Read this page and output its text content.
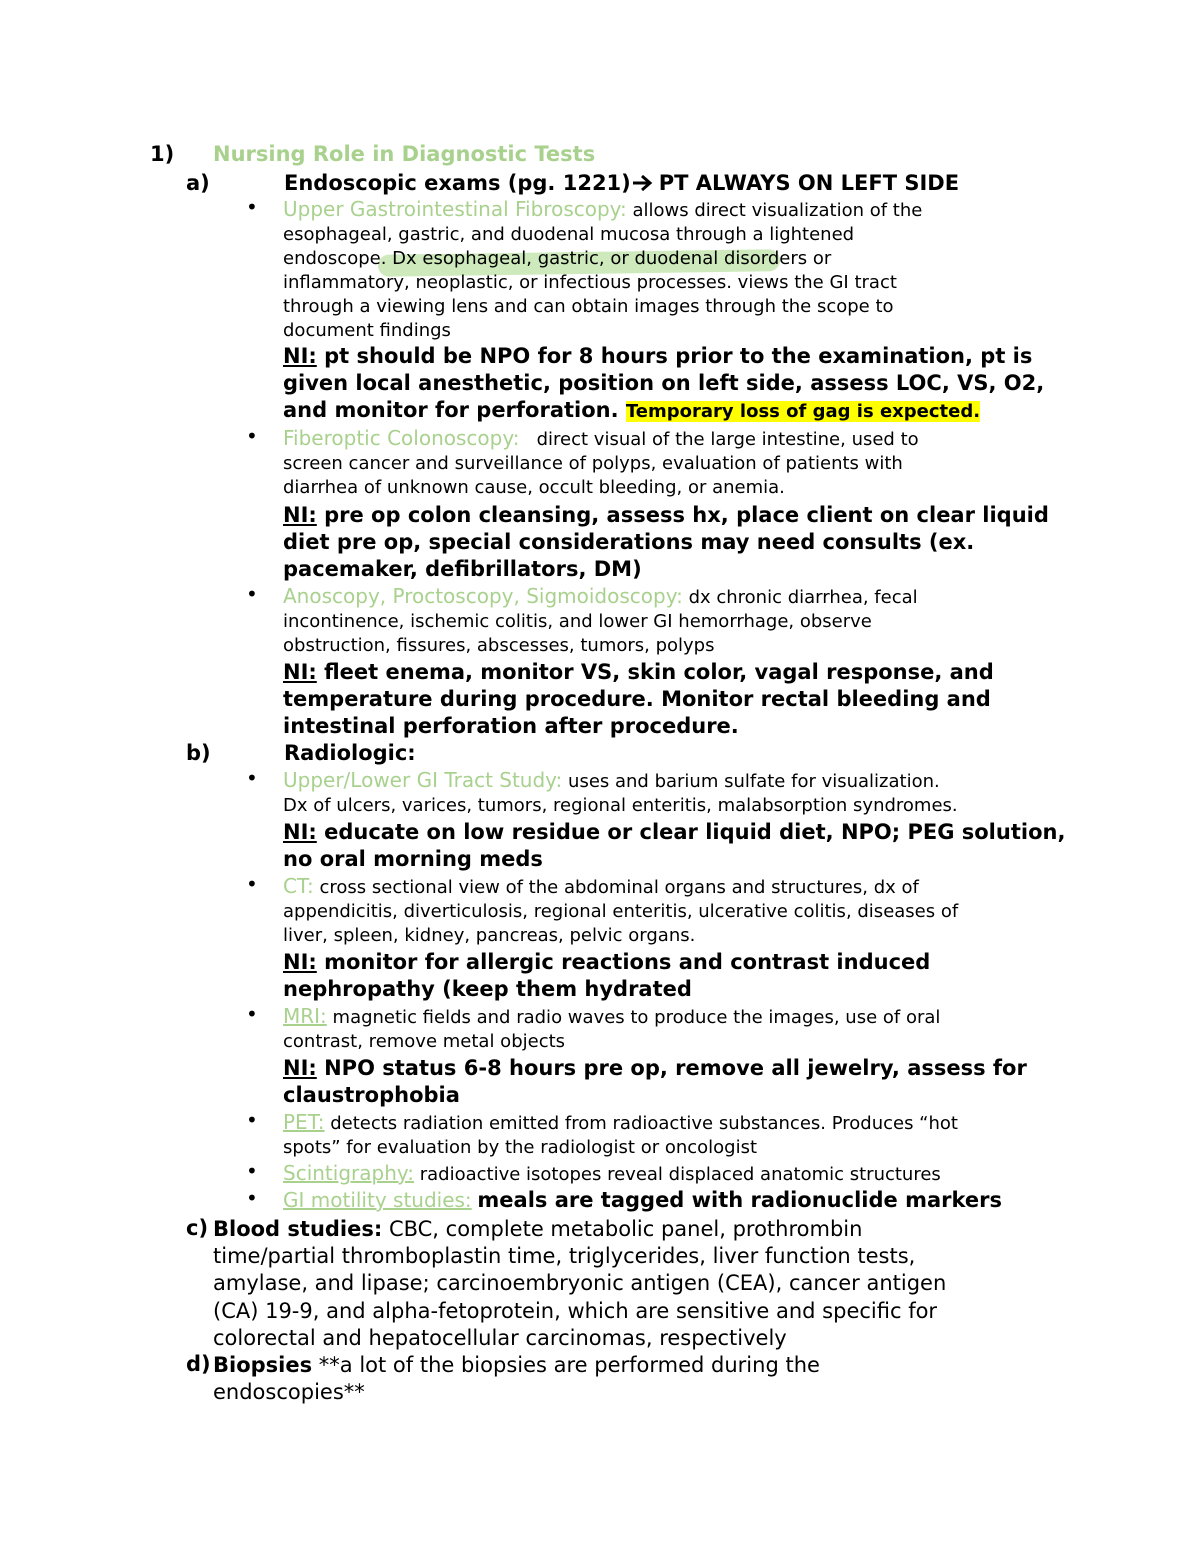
1) Nursing Role in Diagnostic Tests
a)	Endoscopic exams (pg. 1221) PT ALWAYS ON LEFT SIDE
• Upper Gastrointestinal Fibroscopy: allows direct visualization of the
esophageal, gastric, and duodenal mucosa through a lightened
endoscope. Dx esophageal, gastric, or duodenal disorders or
inflammatory, neoplastic, or infectious processes. views the GI tract
through a viewing lens and can obtain images through the scope to
document findings
NI: pt should be NPO for 8 hours prior to the examination, pt is
given local anesthetic, position on left side, assess LOC, VS, O2,
and monitor for perforation. Temporary loss of gag is expected.
• Fiberoptic Colonoscopy: direct visual of the large intestine, used to
screen cancer and surveillance of polyps, evaluation of patients with
diarrhea of unknown cause, occult bleeding, or anemia.
NI: pre op colon cleansing, assess hx, place client on clear liquid
diet pre op, special considerations may need consults (ex.
pacemaker, defibrillators, DM)
• Anoscopy, Proctoscopy, Sigmoidoscopy: dx chronic diarrhea, fecal
incontinence, ischemic colitis, and lower GI hemorrhage, observe
obstruction, fissures, abscesses, tumors, polyps
NI: fleet enema, monitor VS, skin color, vagal response, and
temperature during procedure. Monitor rectal bleeding and
intestinal perforation after procedure.
b)	Radiologic:
• Upper/Lower GI Tract Study: uses and barium sulfate for visualization.
Dx of ulcers, varices, tumors, regional enteritis, malabsorption syndromes.
NI: educate on low residue or clear liquid diet, NPO; PEG solution,
no oral morning meds
• CT: cross sectional view of the abdominal organs and structures, dx of
appendicitis, diverticulosis, regional enteritis, ulcerative colitis, diseases of
liver, spleen, kidney, pancreas, pelvic organs.
NI: monitor for allergic reactions and contrast induced
nephropathy (keep them hydrated
• MRI: magnetic fields and radio waves to produce the images, use of oral
contrast, remove metal objects
NI: NPO status 6-8 hours pre op, remove all jewelry, assess for
claustrophobia
• PET: detects radiation emitted from radioactive substances. Produces “hot
spots” for evaluation by the radiologist or oncologist
• Scintigraphy: radioactive isotopes reveal displaced anatomic structures
• GI motility studies: meals are tagged with radionuclide markers
c) Blood studies: CBC, complete metabolic panel, prothrombin
time/partial thromboplastin time, triglycerides, liver function tests,
amylase, and lipase; carcinoembryonic antigen (CEA), cancer antigen
(CA) 19-9, and alpha-fetoprotein, which are sensitive and specific for
colorectal and hepatocellular carcinomas, respectively
d) Biopsies **a lot of the biopsies are performed during the
endoscopies**
